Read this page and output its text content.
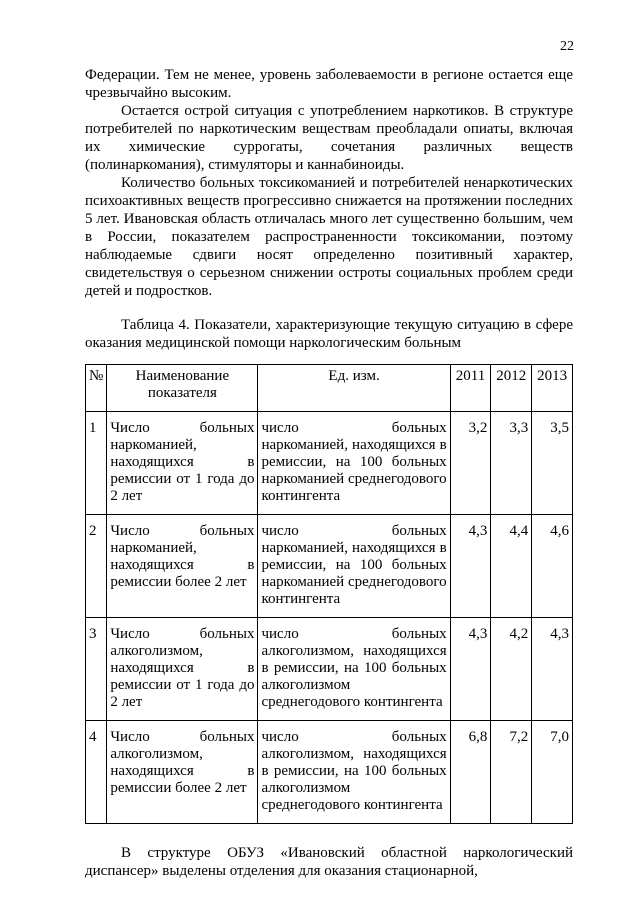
22

Федерации. Тем не менее, уровень заболеваемости в регионе остается еще чрезвычайно высоким.

Остается острой ситуация с употреблением наркотиков. В структуре потребителей по наркотическим веществам преобладали опиаты, включая их химические суррогаты, сочетания различных веществ (полинаркомания), стимуляторы и каннабиноиды.

Количество больных токсикоманией и потребителей ненаркотических психоактивных веществ прогрессивно снижается на протяжении последних 5 лет. Ивановская область отличалась много лет существенно большим, чем в России, показателем распространенности токсикомании, поэтому наблюдаемые сдвиги носят определенно позитивный характер, свидетельствуя о серьезном снижении остроты социальных проблем среди детей и подростков.

Таблица 4. Показатели, характеризующие текущую ситуацию в сфере оказания медицинской помощи наркологическим больным

№	Наименование показателя	Ед. изм.	2011	2012	2013
1	Число больных наркоманией, находящихся в ремиссии от 1 года до 2 лет	число больных наркоманией, находящихся в ремиссии, на 100 больных наркоманией среднегодового контингента	3,2	3,3	3,5
2	Число больных наркоманией, находящихся в ремиссии более 2 лет	число больных наркоманией, находящихся в ремиссии, на 100 больных наркоманией среднегодового контингента	4,3	4,4	4,6
3	Число больных алкоголизмом, находящихся в ремиссии от 1 года до 2 лет	число больных алкоголизмом, находящихся в ремиссии, на 100 больных алкоголизмом среднегодового контингента	4,3	4,2	4,3
4	Число больных алкоголизмом, находящихся в ремиссии более 2 лет	число больных алкоголизмом, находящихся в ремиссии, на 100 больных алкоголизмом среднегодового контингента	6,8	7,2	7,0

В структуре ОБУЗ «Ивановский областной наркологический диспансер» выделены отделения для оказания стационарной,
